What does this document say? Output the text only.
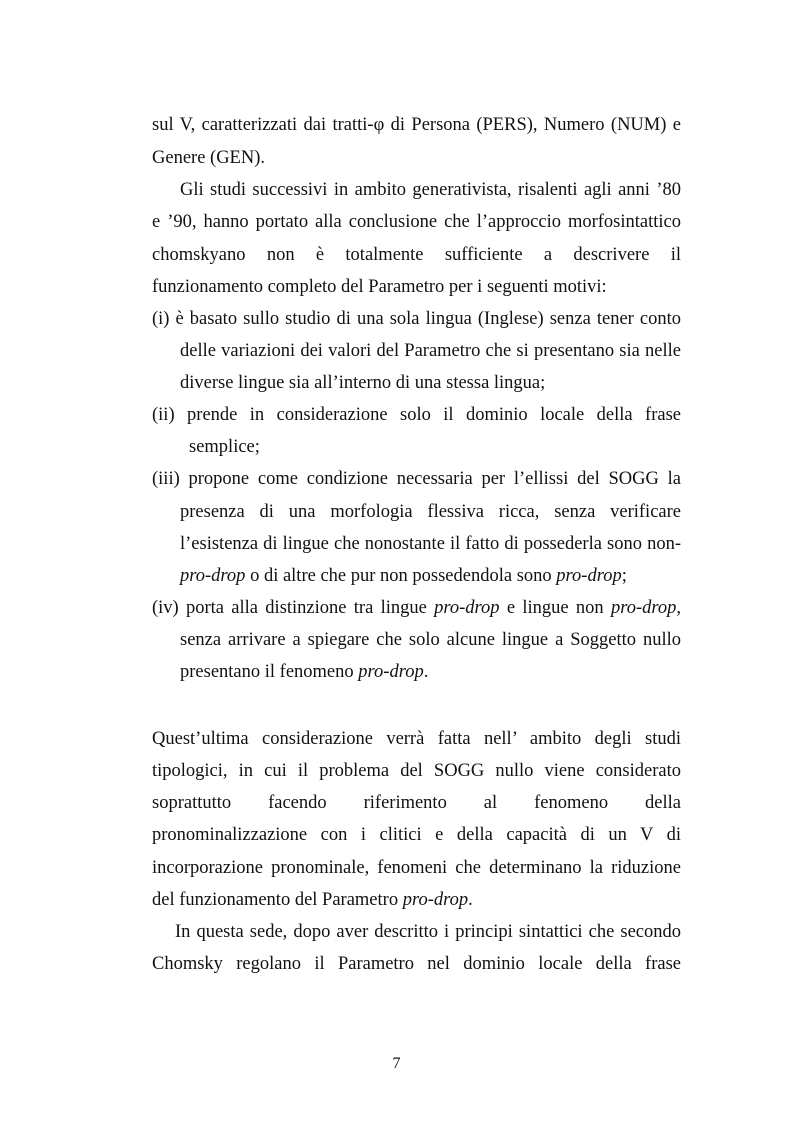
sul V, caratterizzati dai tratti-φ di Persona (PERS), Numero (NUM) e

Genere (GEN).

Gli studi successivi in ambito generativista, risalenti agli anni ’80

e ’90, hanno portato alla conclusione che l’approccio morfosintattico

chomskyano non è totalmente sufficiente a descrivere il

funzionamento completo del Parametro per i seguenti motivi:

(i) è basato sullo studio di una sola lingua (Inglese) senza tener conto

delle variazioni dei valori del Parametro che si presentano sia nelle

diverse lingue sia all’interno di una stessa lingua;

(ii) prende in considerazione solo il dominio locale della frase

semplice;

(iii) propone come condizione necessaria per l’ellissi del SOGG la

presenza di una morfologia flessiva ricca, senza verificare

l’esistenza di lingue che nonostante il fatto di possederla sono non-

pro-drop o di altre che pur non possedendola sono pro-drop;

(iv) porta alla distinzione tra lingue pro-drop e lingue non pro-drop,

senza arrivare a spiegare che solo alcune lingue a Soggetto nullo

presentano il fenomeno pro-drop.

Quest’ultima considerazione verrà fatta nell’ ambito degli studi

tipologici, in cui il problema del SOGG nullo viene considerato

soprattutto facendo riferimento al fenomeno della

pronominalizzazione con i clitici e della capacità di un V di

incorporazione pronominale, fenomeni che determinano la riduzione

del funzionamento del Parametro pro-drop.

In questa sede, dopo aver descritto i principi sintattici che secondo

Chomsky regolano il Parametro nel dominio locale della frase

7
